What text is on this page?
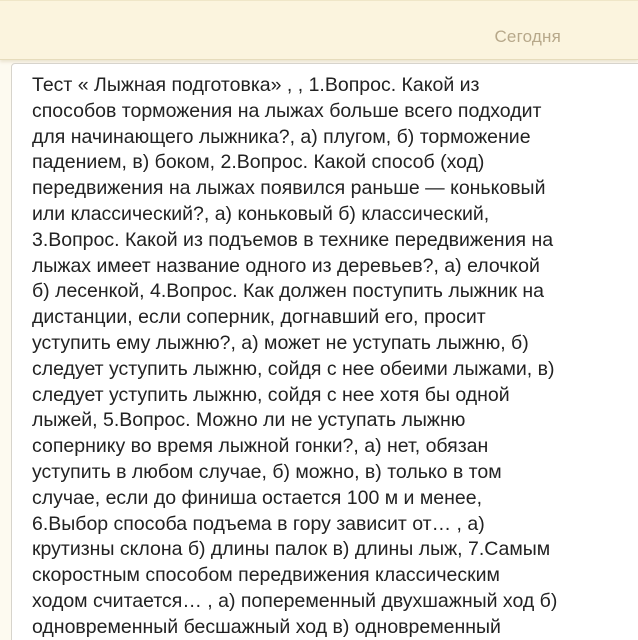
Сегодня

Тест « Лыжная подготовка» , , 1.Вопрос. Какой из
способов торможения на лыжах больше всего подходит
для начинающего лыжника?, а) плугом, б) торможение
падением, в) боком, 2.Вопрос. Какой способ (ход)
передвижения на лыжах появился раньше — коньковый
или классический?, а) коньковый б) классический,
3.Вопрос. Какой из подъемов в технике передвижения на
лыжах имеет название одного из деревьев?, а) елочкой
б) лесенкой, 4.Вопрос. Как должен поступить лыжник на
дистанции, если соперник, догнавший его, просит
уступить ему лыжню?, а) может не уступать лыжню, б)
следует уступить лыжню, сойдя с нее обеими лыжами, в)
следует уступить лыжню, сойдя с нее хотя бы одной
лыжей, 5.Вопрос. Можно ли не уступать лыжню
сопернику во время лыжной гонки?, а) нет, обязан
уступить в любом случае, б) можно, в) только в том
случае, если до финиша остается 100 м и менее,
6.Выбор способа подъема в гору зависит от… , а)
крутизны склона б) длины палок в) длины лыж, 7.Самым
скоростным способом передвижения классическим
ходом считается… , а) попеременный двухшажный ход б)
одновременный бесшажный ход в) одновременный
